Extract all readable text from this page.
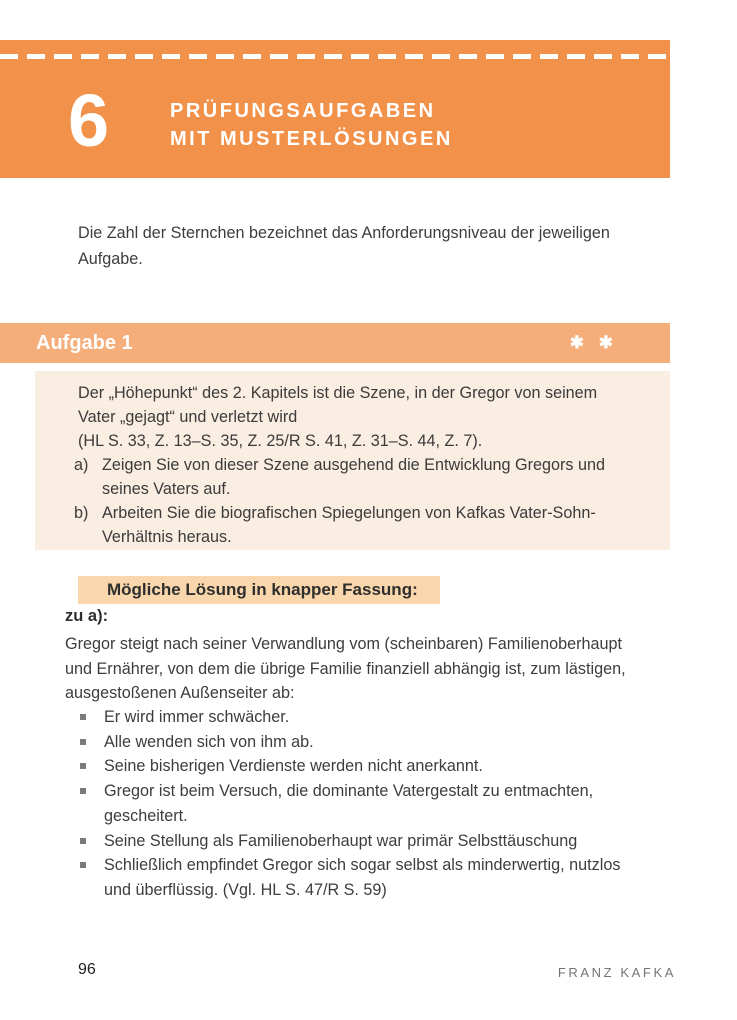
6	PRÜFUNGSAUFGABEN
MIT MUSTERLÖSUNGEN
Die Zahl der Sternchen bezeichnet das Anforderungsniveau der jeweiligen
Aufgabe.
Aufgabe 1	✱ ✱
Der „Höhepunkt“ des 2. Kapitels ist die Szene, in der Gregor von seinem
Vater „gejagt“ und verletzt wird
(HL S. 33, Z. 13–S. 35, Z. 25/R S. 41, Z. 31–S. 44, Z. 7).
a) Zeigen Sie von dieser Szene ausgehend die Entwicklung Gregors und
seines Vaters auf.
b) Arbeiten Sie die biografischen Spiegelungen von Kafkas Vater-Sohn-
Verhältnis heraus.
Mögliche Lösung in knapper Fassung:
zu a):
Gregor steigt nach seiner Verwandlung vom (scheinbaren) Familienoberhaupt
und Ernährer, von dem die übrige Familie finanziell abhängig ist, zum lästigen,
ausgestoßenen Außenseiter ab:
Er wird immer schwächer.
Alle wenden sich von ihm ab.
Seine bisherigen Verdienste werden nicht anerkannt.
Gregor ist beim Versuch, die dominante Vatergestalt zu entmachten,
gescheitert.
Seine Stellung als Familienoberhaupt war primär Selbsttäuschung
Schließlich empfindet Gregor sich sogar selbst als minderwertig, nutzlos
und überflüssig. (Vgl. HL S. 47/R S. 59)
96	FRANZ KAFKA
